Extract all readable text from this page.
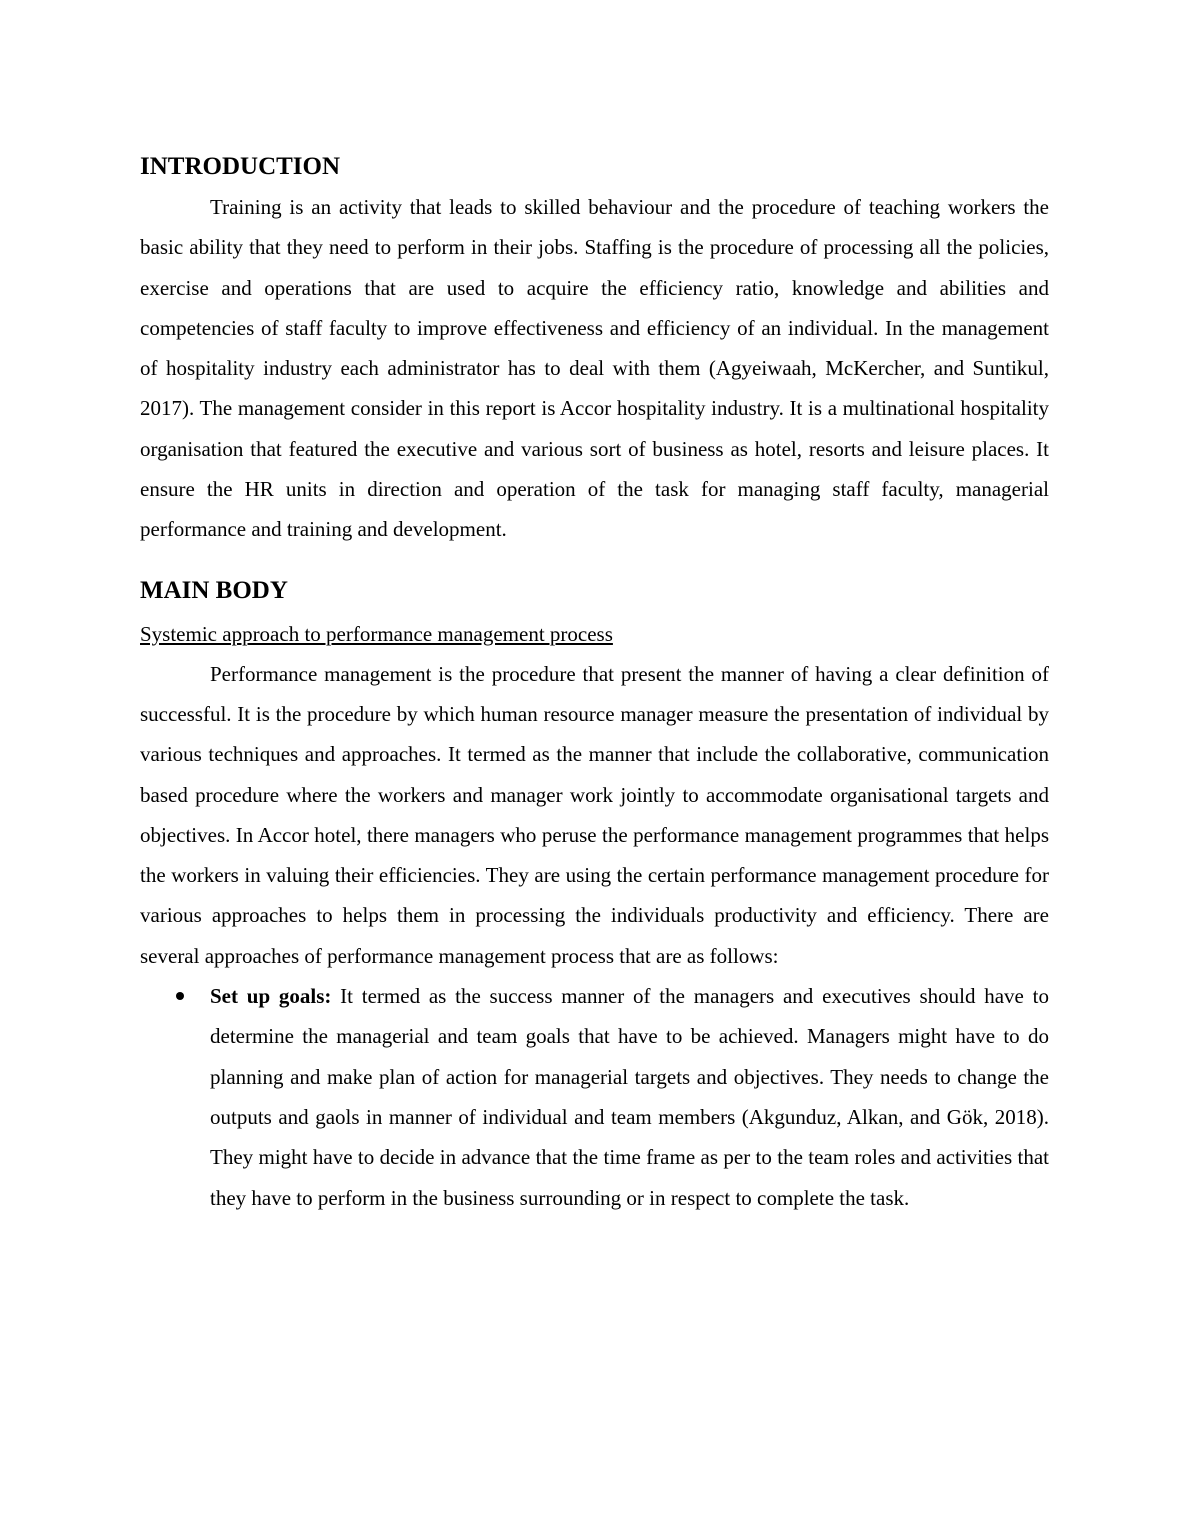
INTRODUCTION

Training is an activity that leads to skilled behaviour and the procedure of teaching workers the basic ability that they need to perform in their jobs. Staffing is the procedure of processing all the policies, exercise and operations that are used to acquire the efficiency ratio, knowledge and abilities and competencies of staff faculty to improve effectiveness and efficiency of an individual. In the management of hospitality industry each administrator has to deal with them (Agyeiwaah, McKercher, and Suntikul, 2017). The management consider in this report is Accor hospitality industry. It is a multinational hospitality organisation that featured the executive and various sort of business as hotel, resorts and leisure places. It ensure the HR units in direction and operation of the task for managing staff faculty, managerial performance and training and development.

MAIN BODY

Systemic approach to performance management process

Performance management is the procedure that present the manner of having a clear definition of successful. It is the procedure by which human resource manager measure the presentation of individual by various techniques and approaches. It termed as the manner that include the collaborative, communication based procedure where the workers and manager work jointly to accommodate organisational targets and objectives. In Accor hotel, there managers who peruse the performance management programmes that helps the workers in valuing their efficiencies. They are using the certain performance management procedure for various approaches to helps them in processing the individuals productivity and efficiency. There are several approaches of performance management process that are as follows:

Set up goals: It termed as the success manner of the managers and executives should have to determine the managerial and team goals that have to be achieved. Managers might have to do planning and make plan of action for managerial targets and objectives. They needs to change the outputs and gaols in manner of individual and team members (Akgunduz, Alkan, and Gök, 2018). They might have to decide in advance that the time frame as per to the team roles and activities that they have to perform in the business surrounding or in respect to complete the task.
